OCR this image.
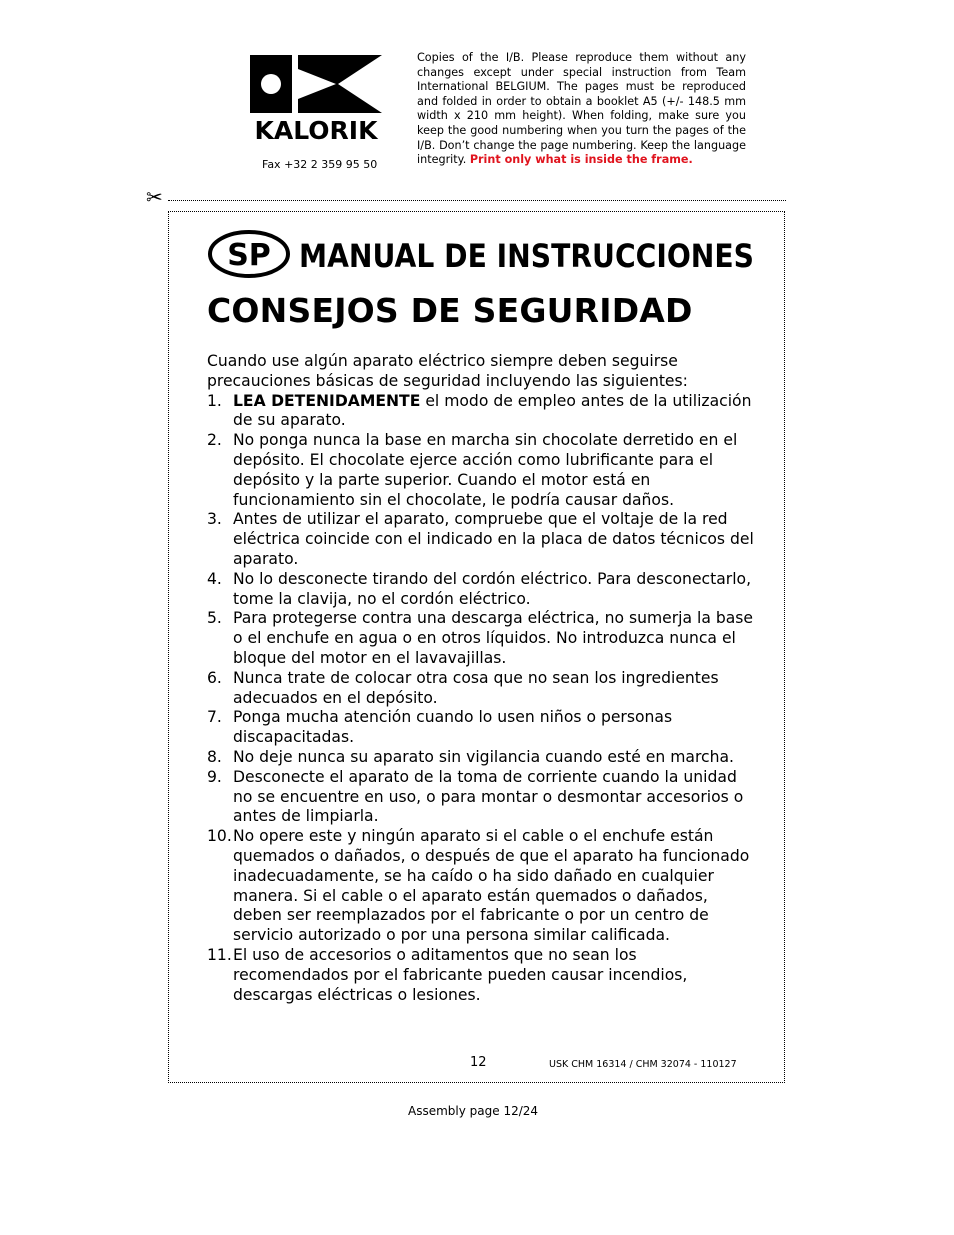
KALORIK
Fax +32 2 359 95 50
Copies of the I/B. Please reproduce them without any changes except under special instruction from Team International BELGIUM. The pages must be reproduced and folded in order to obtain a booklet A5 (+/- 148.5 mm width x 210 mm height). When folding, make sure you keep the good numbering when you turn the pages of the I/B. Don’t change the page numbering. Keep the language integrity. Print only what is inside the frame.
✂
SP MANUAL DE INSTRUCCIONES
CONSEJOS DE SEGURIDAD

Cuando use algún aparato eléctrico siempre deben seguirse precauciones básicas de seguridad incluyendo las siguientes:

1. LEA DETENIDAMENTE el modo de empleo antes de la utilización de su aparato.
2. No ponga nunca la base en marcha sin chocolate derretido en el depósito. El chocolate ejerce acción como lubrificante para el depósito y la parte superior. Cuando el motor está en funcionamiento sin el chocolate, le podría causar daños.
3. Antes de utilizar el aparato, compruebe que el voltaje de la red eléctrica coincide con el indicado en la placa de datos técnicos del aparato.
4. No lo desconecte tirando del cordón eléctrico. Para desconectarlo, tome la clavija, no el cordón eléctrico.
5. Para protegerse contra una descarga eléctrica, no sumerja la base o el enchufe en agua o en otros líquidos. No introduzca nunca el bloque del motor en el lavavajillas.
6. Nunca trate de colocar otra cosa que no sean los ingredientes adecuados en el depósito.
7. Ponga mucha atención cuando lo usen niños o personas discapacitadas.
8. No deje nunca su aparato sin vigilancia cuando esté en marcha.
9. Desconecte el aparato de la toma de corriente cuando la unidad no se encuentre en uso, o para montar o desmontar accesorios o antes de limpiarla.
10. No opere este y ningún aparato si el cable o el enchufe están quemados o dañados, o después de que el aparato ha funcionado inadecuadamente, se ha caído o ha sido dañado en cualquier manera. Si el cable o el aparato están quemados o dañados, deben ser reemplazados por el fabricante o por un centro de servicio autorizado o por una persona similar calificada.
11. El uso de accesorios o aditamentos que no sean los recomendados por el fabricante pueden causar incendios, descargas eléctricas o lesiones.
12	USK CHM 16314 / CHM 32074 - 110127
Assembly page 12/24
